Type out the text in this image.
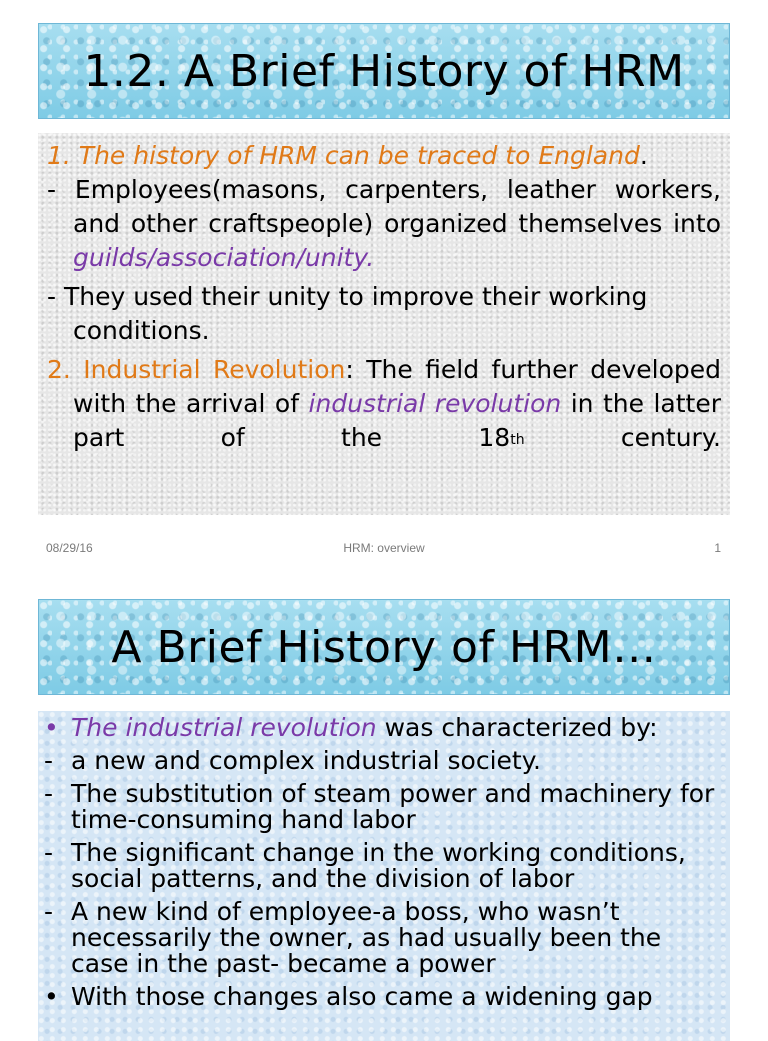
1.2. A Brief History of HRM

1. The history of HRM can be traced to England.

- Employees(masons, carpenters, leather workers, and other craftspeople) organized themselves into guilds/association/unity.

- They used their unity to improve their working conditions.

2. Industrial Revolution: The field further developed with the arrival of industrial revolution in the latter part of the 18th century.

08/29/16	HRM: overview	1
A Brief History of HRM…
• The industrial revolution was characterized by:
- a new and complex industrial society.
- The substitution of steam power and machinery for time-consuming hand labor
- The significant change in the working conditions, social patterns, and the division of labor
- A new kind of employee-a boss, who wasn’t necessarily the owner, as had usually been the case in the past- became a power
• With those changes also came a widening gap
